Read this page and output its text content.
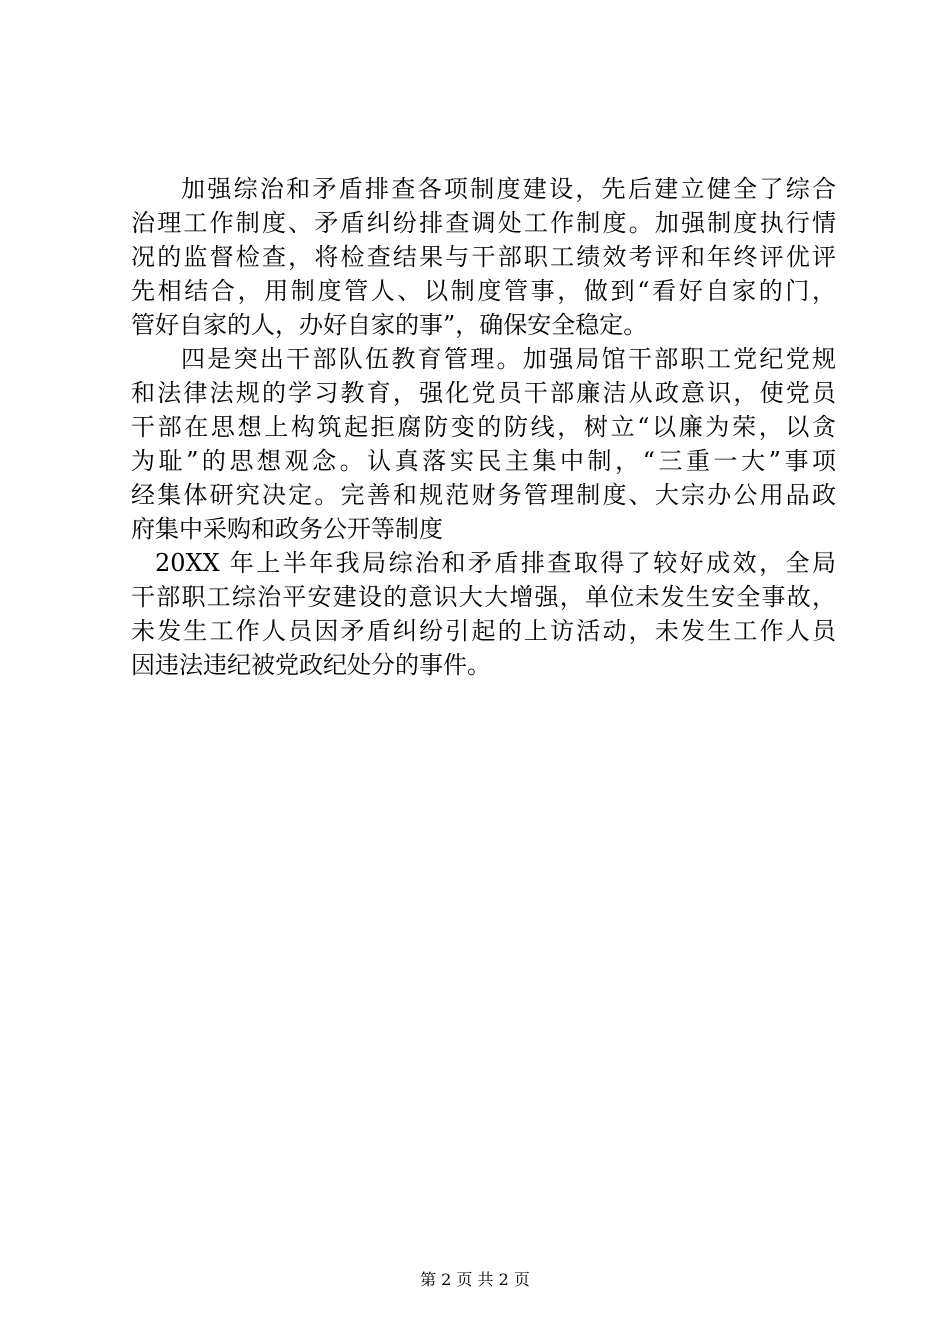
加强综治和矛盾排查各项制度建设，先后建立健全了综合
治理工作制度、矛盾纠纷排查调处工作制度。加强制度执行情
况的监督检查，将检查结果与干部职工绩效考评和年终评优评
先相结合，用制度管人、以制度管事，做到“看好自家的门，
管好自家的人，办好自家的事”，确保安全稳定。
四是突出干部队伍教育管理。加强局馆干部职工党纪党规
和法律法规的学习教育，强化党员干部廉洁从政意识，使党员
干部在思想上构筑起拒腐防变的防线，树立“以廉为荣，以贪
为耻”的思想观念。认真落实民主集中制，“三重一大”事项
经集体研究决定。完善和规范财务管理制度、大宗办公用品政
府集中采购和政务公开等制度
20XX 年上半年我局综治和矛盾排查取得了较好成效，全局
干部职工综治平安建设的意识大大增强，单位未发生安全事故，
未发生工作人员因矛盾纠纷引起的上访活动，未发生工作人员
因违法违纪被党政纪处分的事件。
第 2 页 共 2 页
